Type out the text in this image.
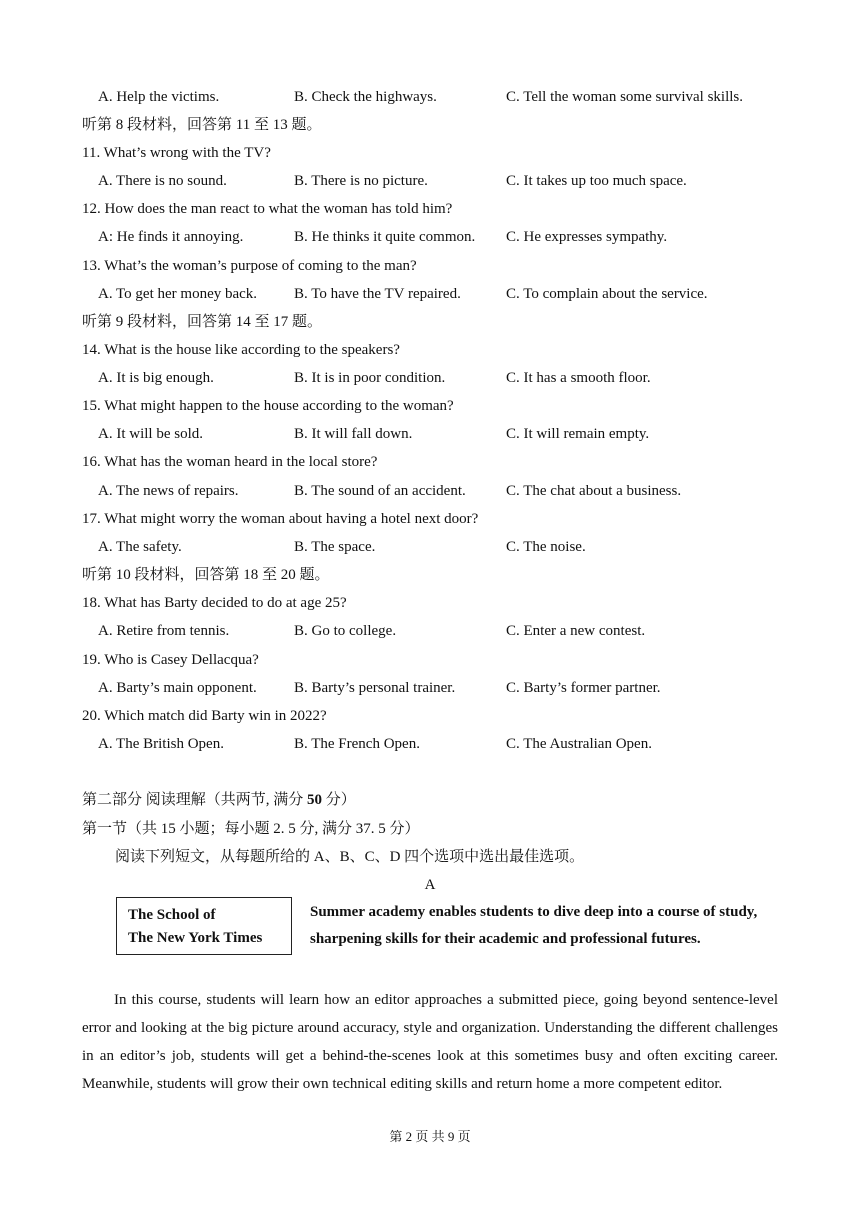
A. Help the victims.	B. Check the highways.	C. Tell the woman some survival skills.
听第 8 段材料，回答第 11 至 13 题。
11. What’s wrong with the TV?
A. There is no sound.	B. There is no picture.	C. It takes up too much space.
12. How does the man react to what the woman has told him?
A: He finds it annoying.	B. He thinks it quite common. C. He expresses sympathy.
13. What’s the woman’s purpose of coming to the man?
A. To get her money back. B. To have the TV repaired.	C. To complain about the service.
听第 9 段材料，回答第 14 至 17 题。
14. What is the house like according to the speakers?
A. It is big enough.	B. It is in poor condition.	C. It has a smooth floor.
15. What might happen to the house according to the woman?
A. It will be sold.	B. It will fall down.	C. It will remain empty.
16. What has the woman heard in the local store?
A. The news of repairs.	B. The sound of an accident.	C. The chat about a business.
17. What might worry the woman about having a hotel next door?
A. The safety.	B. The space.	C. The noise.
听第 10 段材料，回答第 18 至 20 题。
18. What has Barty decided to do at age 25?
A. Retire from tennis.	B. Go to college.	C. Enter a new contest.
19. Who is Casey Dellacqua?
A. Barty’s main opponent. B. Barty’s personal trainer.	C. Barty’s former partner.
20. Which match did Barty win in 2022?
A. The British Open.	B. The French Open.	C. The Australian Open.
第二部分 阅读理解（共两节, 满分 50 分）
第一节（共 15 小题；每小题 2. 5 分, 满分 37. 5 分）
阅读下列短文，从每题所给的 A、B、C、D 四个选项中选出最佳选项。
A
The School of
The New York Times
Summer academy enables students to dive deep into a course of study,
sharpening skills for their academic and professional futures.
In this course, students will learn how an editor approaches a submitted piece, going beyond sentence-level error and looking at the big picture around accuracy, style and organization. Understanding the different challenges in an editor’s job, students will get a behind-the-scenes look at this sometimes busy and often exciting career. Meanwhile, students will grow their own technical editing skills and return home a more competent editor.
第 2 页 共 9 页
